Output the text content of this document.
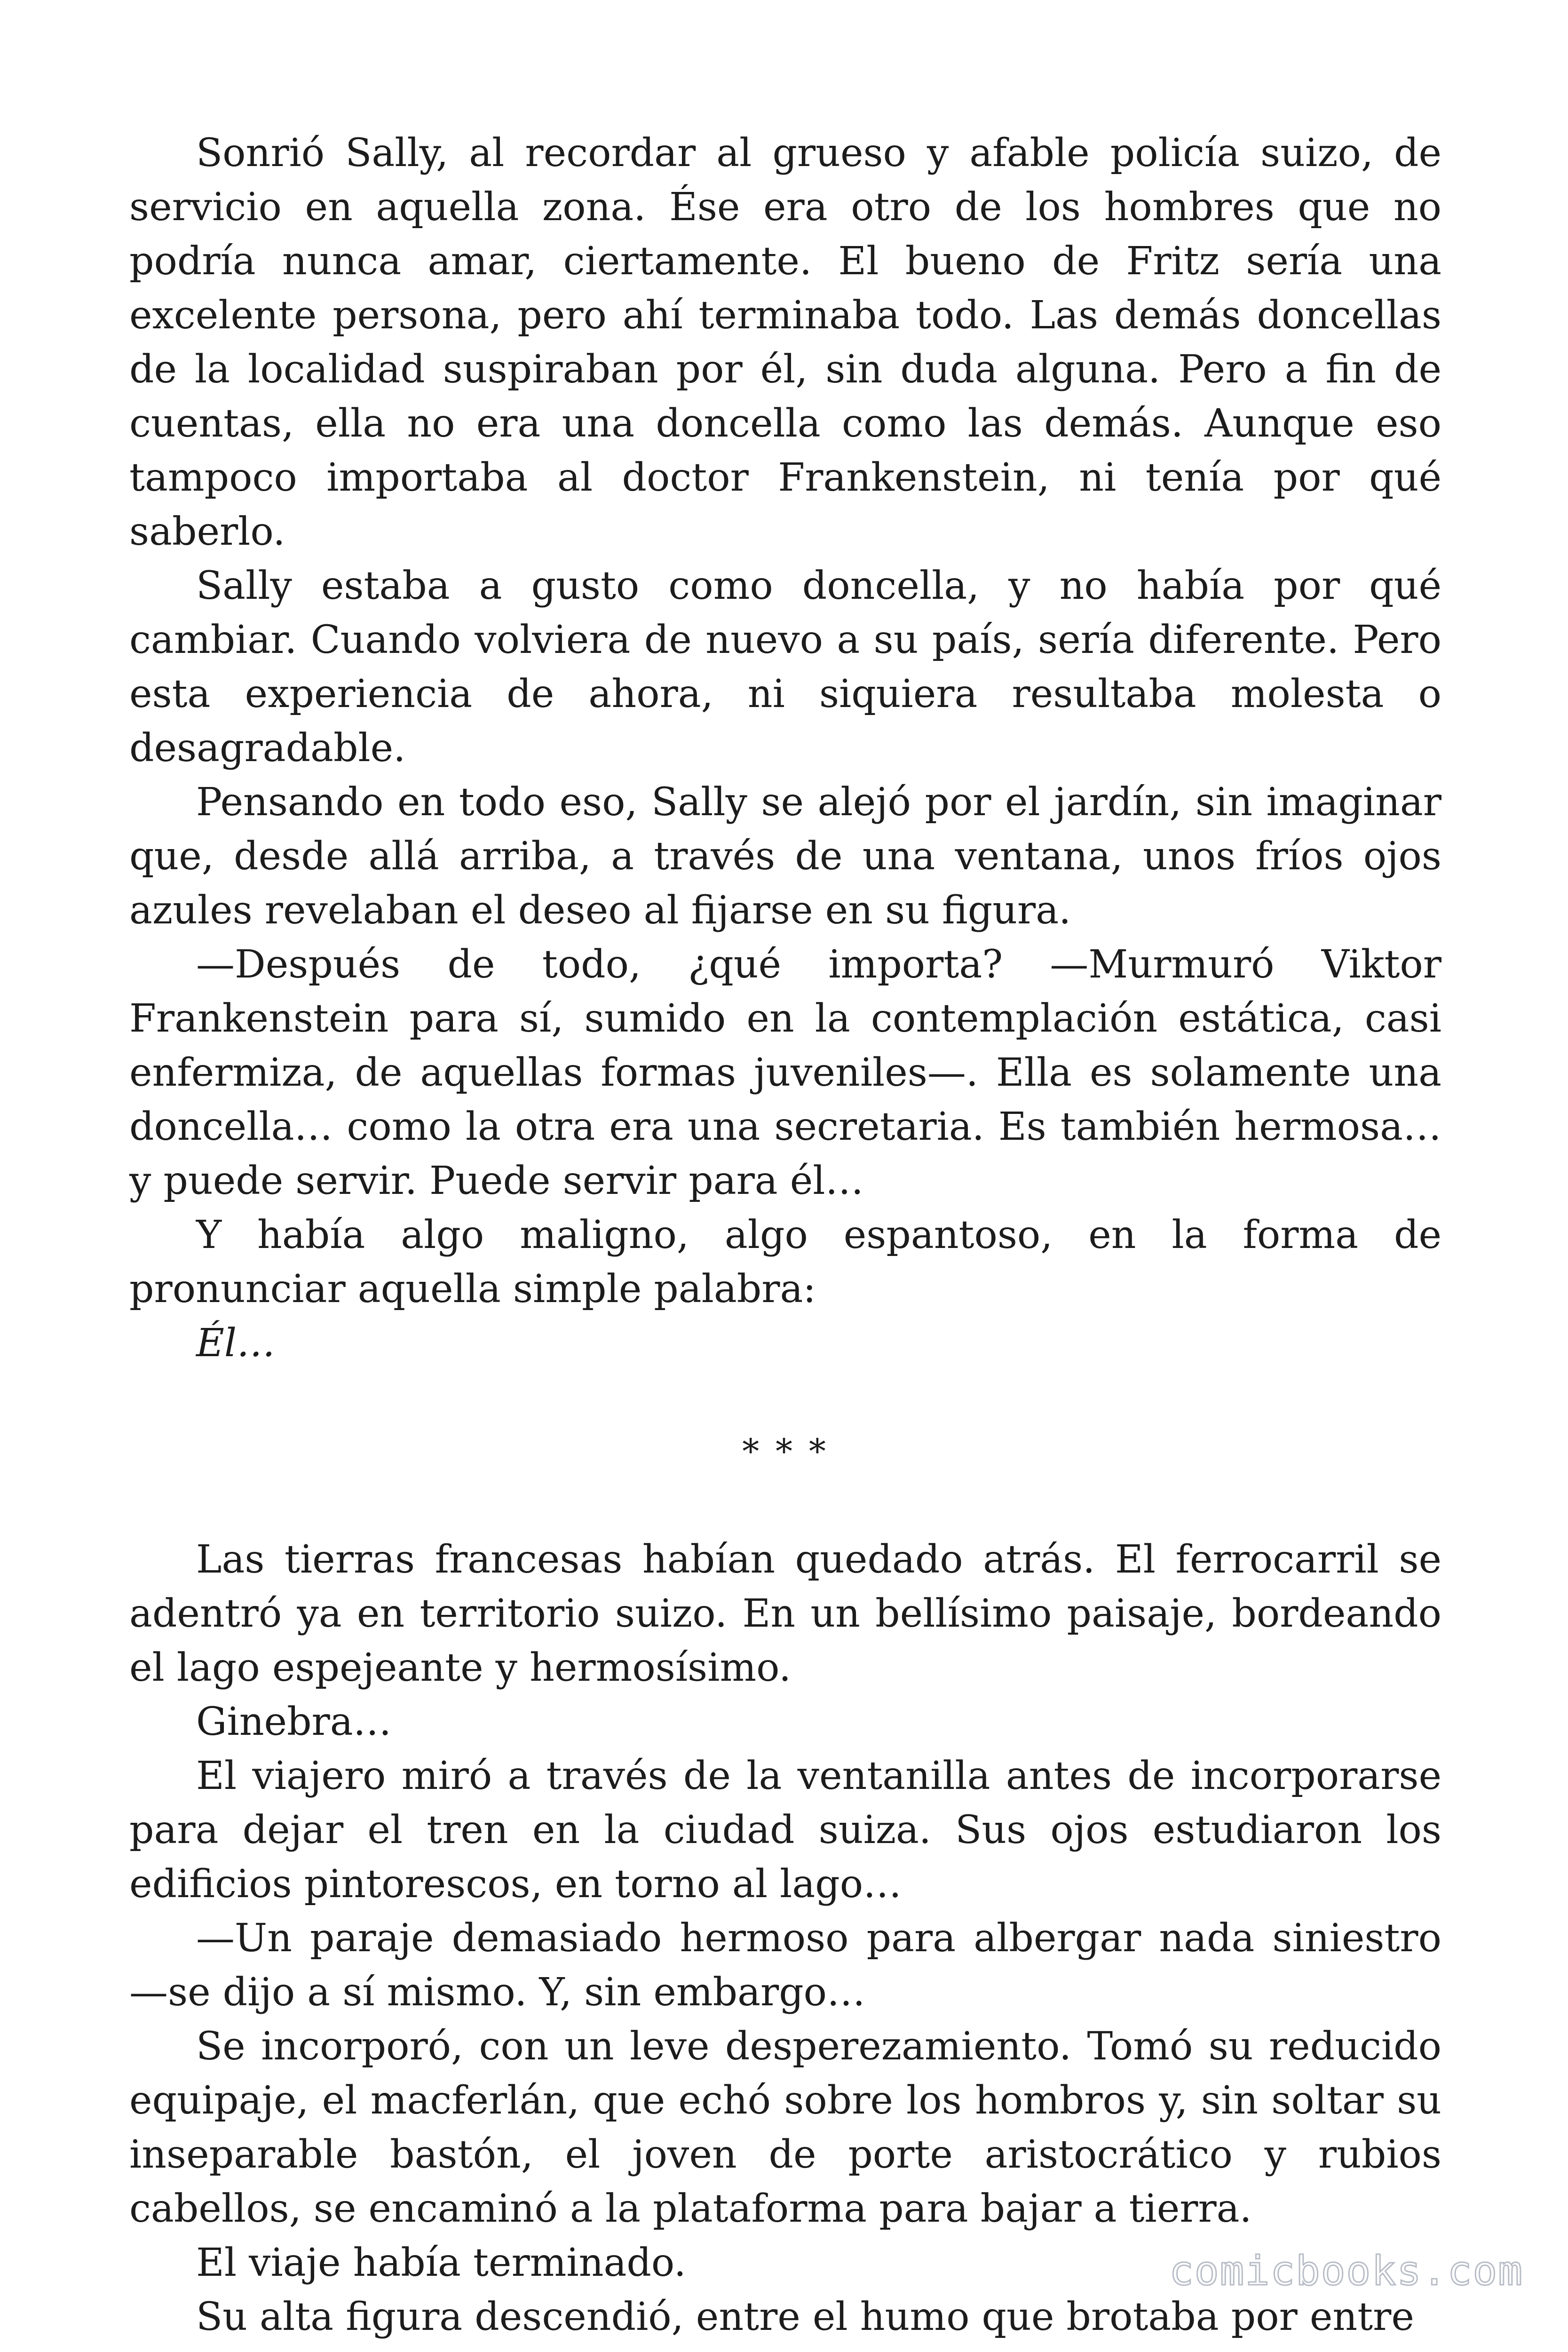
Sonrió Sally, al recordar al grueso y afable policía suizo, de servicio en aquella zona. Ése era otro de los hombres que no podría nunca amar, ciertamente. El bueno de Fritz sería una excelente persona, pero ahí terminaba todo. Las demás doncellas de la localidad suspiraban por él, sin duda alguna. Pero a fin de cuentas, ella no era una doncella como las demás. Aunque eso tampoco importaba al doctor Frankenstein, ni tenía por qué saberlo.

Sally estaba a gusto como doncella, y no había por qué cambiar. Cuando volviera de nuevo a su país, sería diferente. Pero esta experiencia de ahora, ni siquiera resultaba molesta o desagradable.

Pensando en todo eso, Sally se alejó por el jardín, sin imaginar que, desde allá arriba, a través de una ventana, unos fríos ojos azules revelaban el deseo al fijarse en su figura.

—Después de todo, ¿qué importa? —Murmuró Viktor Frankenstein para sí, sumido en la contemplación estática, casi enfermiza, de aquellas formas juveniles—. Ella es solamente una doncella… como la otra era una secretaria. Es también hermosa… y puede servir. Puede servir para él…

Y había algo maligno, algo espantoso, en la forma de pronunciar aquella simple palabra:

Él…

* * *

Las tierras francesas habían quedado atrás. El ferrocarril se adentró ya en territorio suizo. En un bellísimo paisaje, bordeando el lago espejeante y hermosísimo.

Ginebra…

El viajero miró a través de la ventanilla antes de incorporarse para dejar el tren en la ciudad suiza. Sus ojos estudiaron los edificios pintorescos, en torno al lago…

—Un paraje demasiado hermoso para albergar nada siniestro —se dijo a sí mismo. Y, sin embargo…

Se incorporó, con un leve desperezamiento. Tomó su reducido equipaje, el macferlán, que echó sobre los hombros y, sin soltar su inseparable bastón, el joven de porte aristocrático y rubios cabellos, se encaminó a la plataforma para bajar a tierra.

El viaje había terminado.

Su alta figura descendió, entre el humo que brotaba por entre

comicbooks.com
